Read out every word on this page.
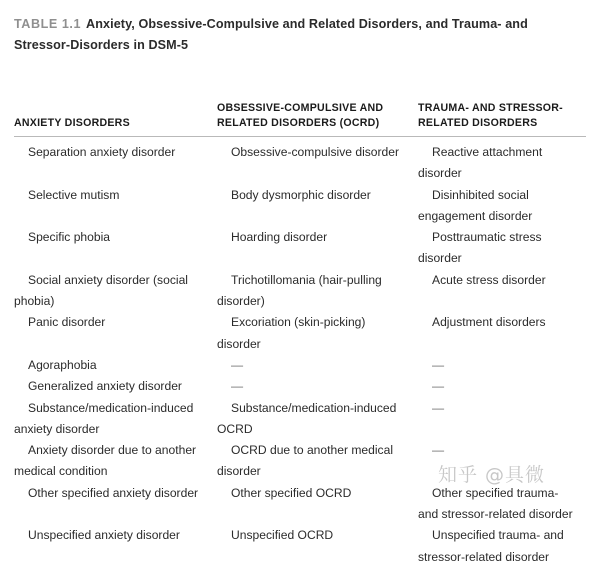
TABLE 1.1 Anxiety, Obsessive-Compulsive and Related Disorders, and Trauma- and Stressor-Disorders in DSM-5
ANXIETY DISORDERS	OBSESSIVE-COMPULSIVE AND RELATED DISORDERS (OCRD)	TRAUMA- AND STRESSOR-RELATED DISORDERS
Separation anxiety disorder	Obsessive-compulsive disorder	Reactive attachment disorder
Selective mutism	Body dysmorphic disorder	Disinhibited social engagement disorder
Specific phobia	Hoarding disorder	Posttraumatic stress disorder
Social anxiety disorder (social phobia)	Trichotillomania (hair-pulling disorder)	Acute stress disorder
Panic disorder	Excoriation (skin-picking) disorder	Adjustment disorders
Agoraphobia	—	—
Generalized anxiety disorder	—	—
Substance/medication-induced anxiety disorder	Substance/medication-induced OCRD	—
Anxiety disorder due to another medical condition	OCRD due to another medical disorder	—
Other specified anxiety disorder	Other specified OCRD	Other specified trauma- and stressor-related disorder
Unspecified anxiety disorder	Unspecified OCRD	Unspecified trauma- and stressor-related disorder
知乎 @具微
